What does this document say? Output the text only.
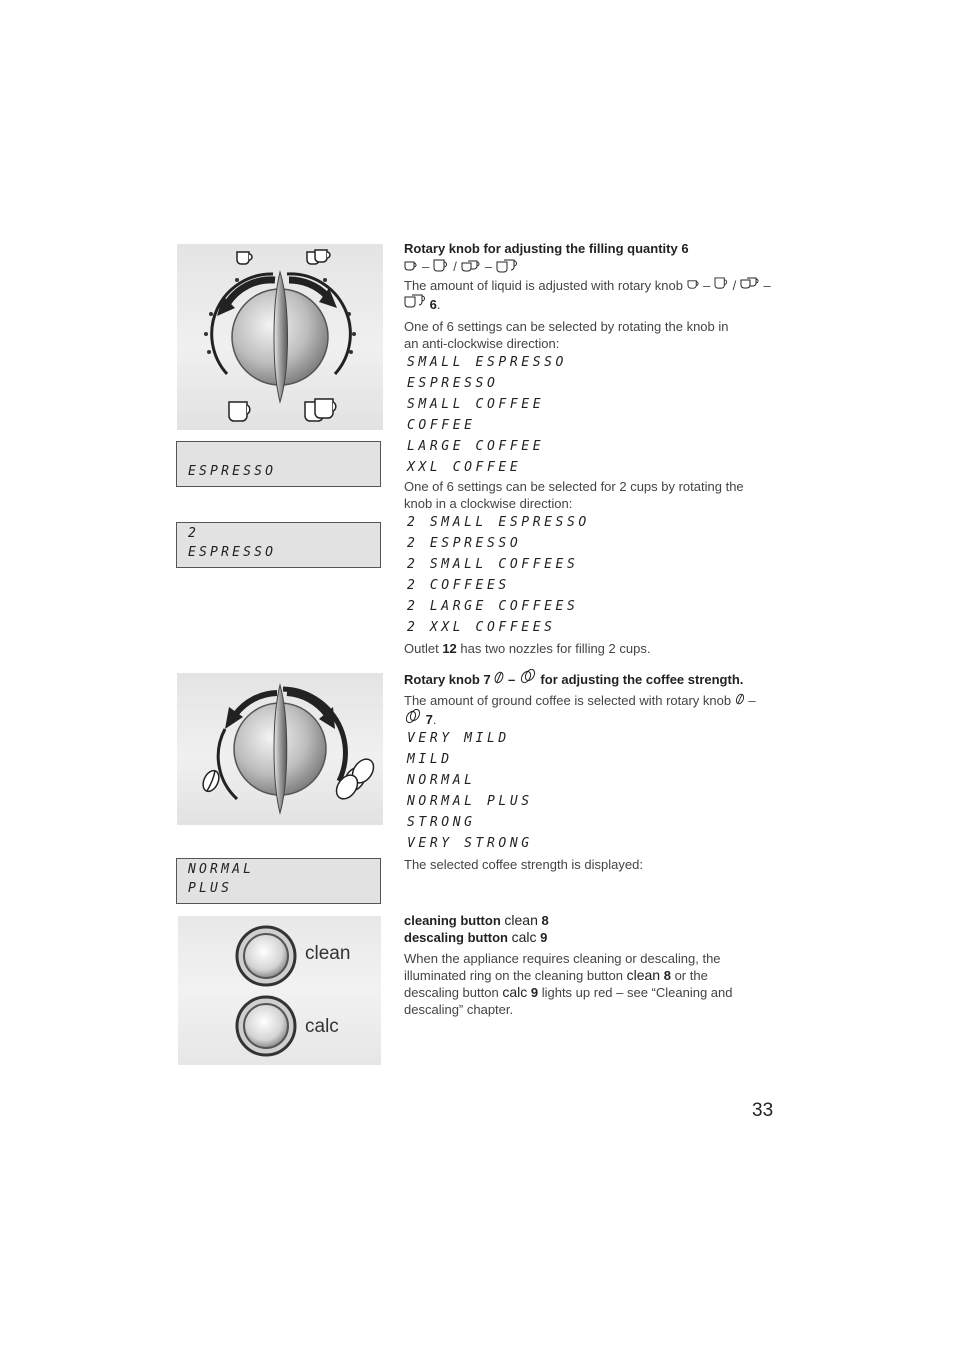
ESPRESSO
2
ESPRESSO
NORMAL
PLUS
clean
calc

Rotary knob for adjusting the filling quantity 6

– / –

The amount of liquid is adjusted with rotary knob  –  /  –  6.

One of 6 settings can be selected by rotating the knob in an anti-clockwise direction:

SMALL ESPRESSO
ESPRESSO
SMALL COFFEE
COFFEE
LARGE COFFEE
XXL COFFEE

One of 6 settings can be selected for 2 cups by rotating the knob in a clockwise direction:

2 SMALL ESPRESSO
2 ESPRESSO
2 SMALL COFFEES
2 COFFEES
2 LARGE COFFEES
2 XXL COFFEES

Outlet 12 has two nozzles for filling 2 cups.

Rotary knob 7  –  for adjusting the coffee strength.

The amount of ground coffee is selected with rotary knob  –  7.

VERY MILD
MILD
NORMAL
NORMAL PLUS
STRONG
VERY STRONG

The selected coffee strength is displayed:

cleaning button clean 8

descaling button calc 9

When the appliance requires cleaning or descaling, the illuminated ring on the cleaning button clean 8 or the descaling button calc 9 lights up red – see “Cleaning and descaling” chapter.

33
